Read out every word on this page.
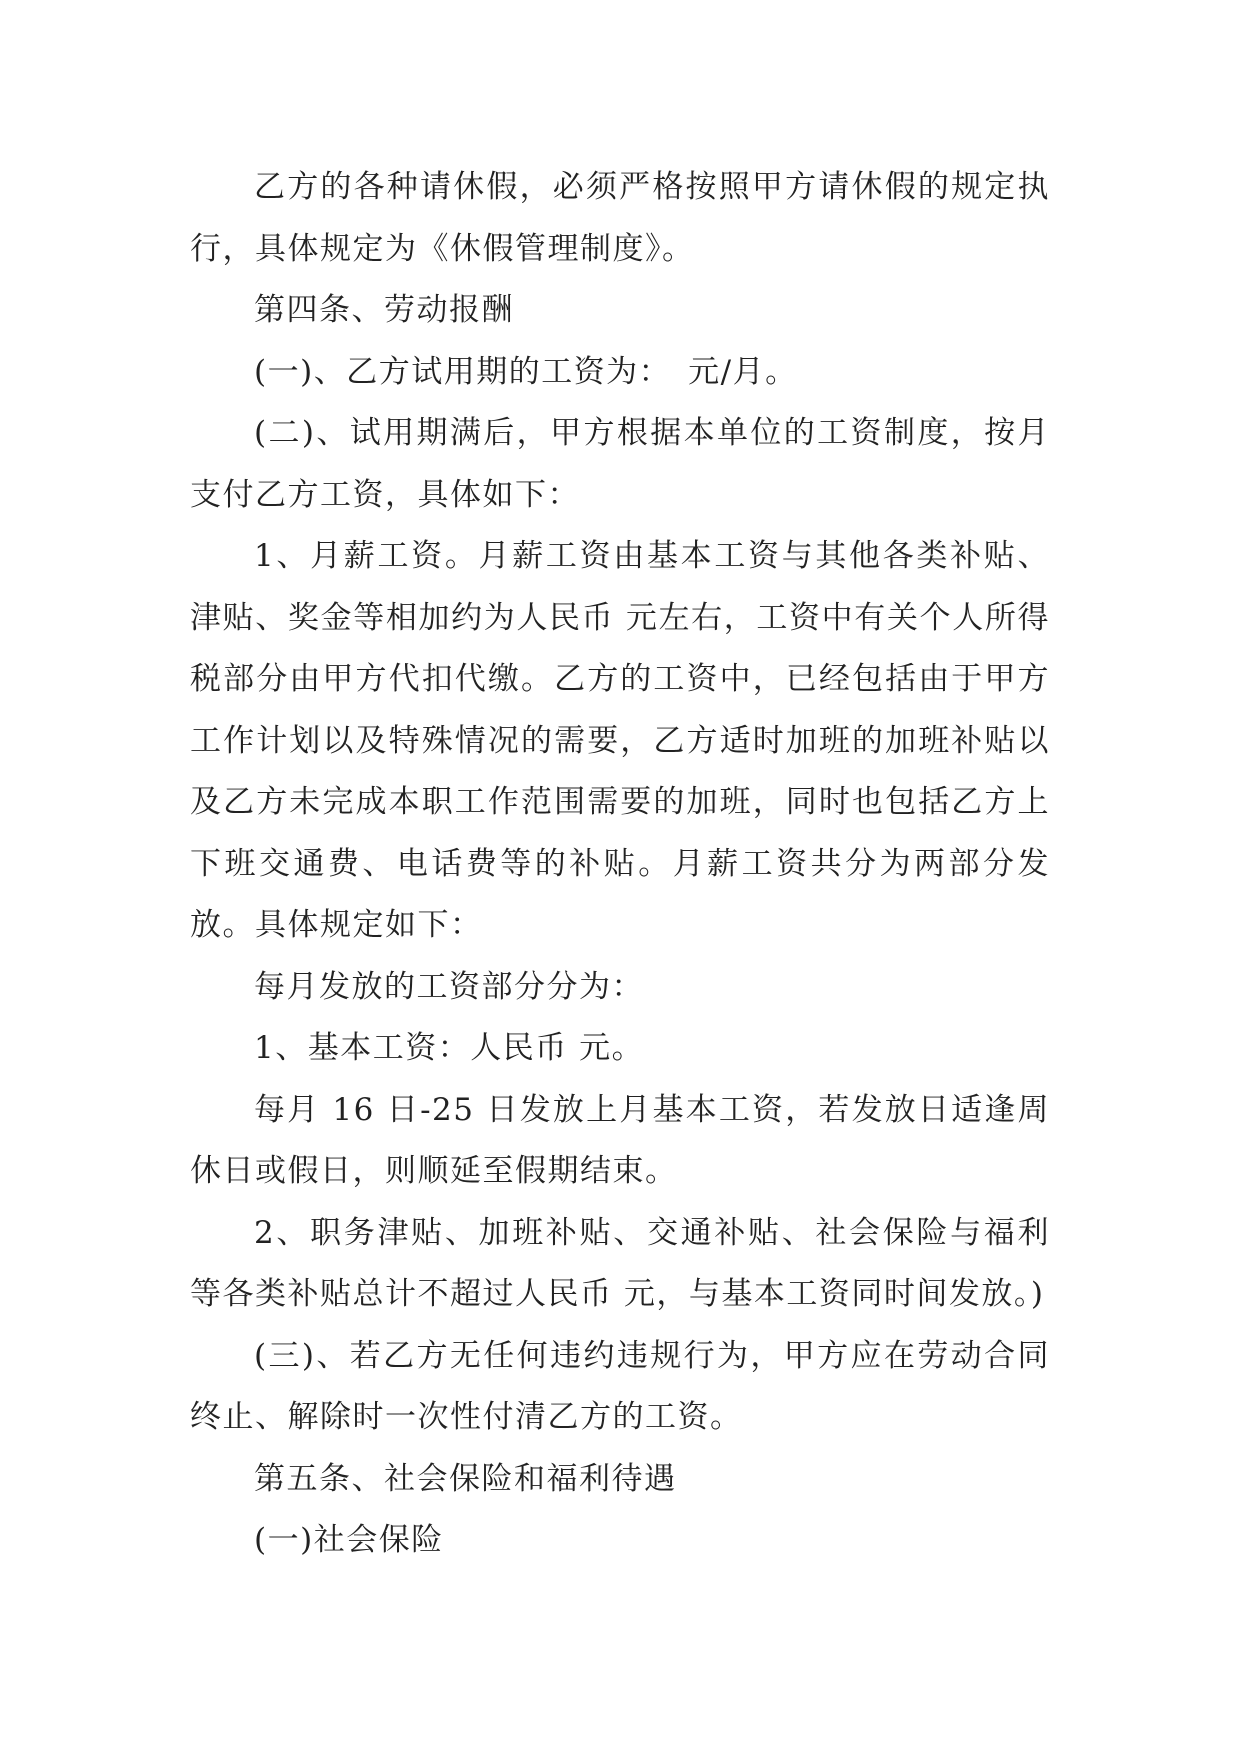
乙方的各种请休假，必须严格按照甲方请休假的规定执行，具体规定为《休假管理制度》。

第四条、劳动报酬

(一)、乙方试用期的工资为：　元/月。

(二)、试用期满后，甲方根据本单位的工资制度，按月支付乙方工资，具体如下：

1、月薪工资。月薪工资由基本工资与其他各类补贴、津贴、奖金等相加约为人民币 元左右，工资中有关个人所得税部分由甲方代扣代缴。乙方的工资中，已经包括由于甲方工作计划以及特殊情况的需要，乙方适时加班的加班补贴以及乙方未完成本职工作范围需要的加班，同时也包括乙方上下班交通费、电话费等的补贴。月薪工资共分为两部分发放。具体规定如下：

每月发放的工资部分分为：

1、基本工资：人民币 元。

每月 16 日-25 日发放上月基本工资，若发放日适逢周休日或假日，则顺延至假期结束。

2、职务津贴、加班补贴、交通补贴、社会保险与福利等各类补贴总计不超过人民币 元，与基本工资同时间发放。)

(三)、若乙方无任何违约违规行为，甲方应在劳动合同终止、解除时一次性付清乙方的工资。

第五条、社会保险和福利待遇

(一)社会保险
